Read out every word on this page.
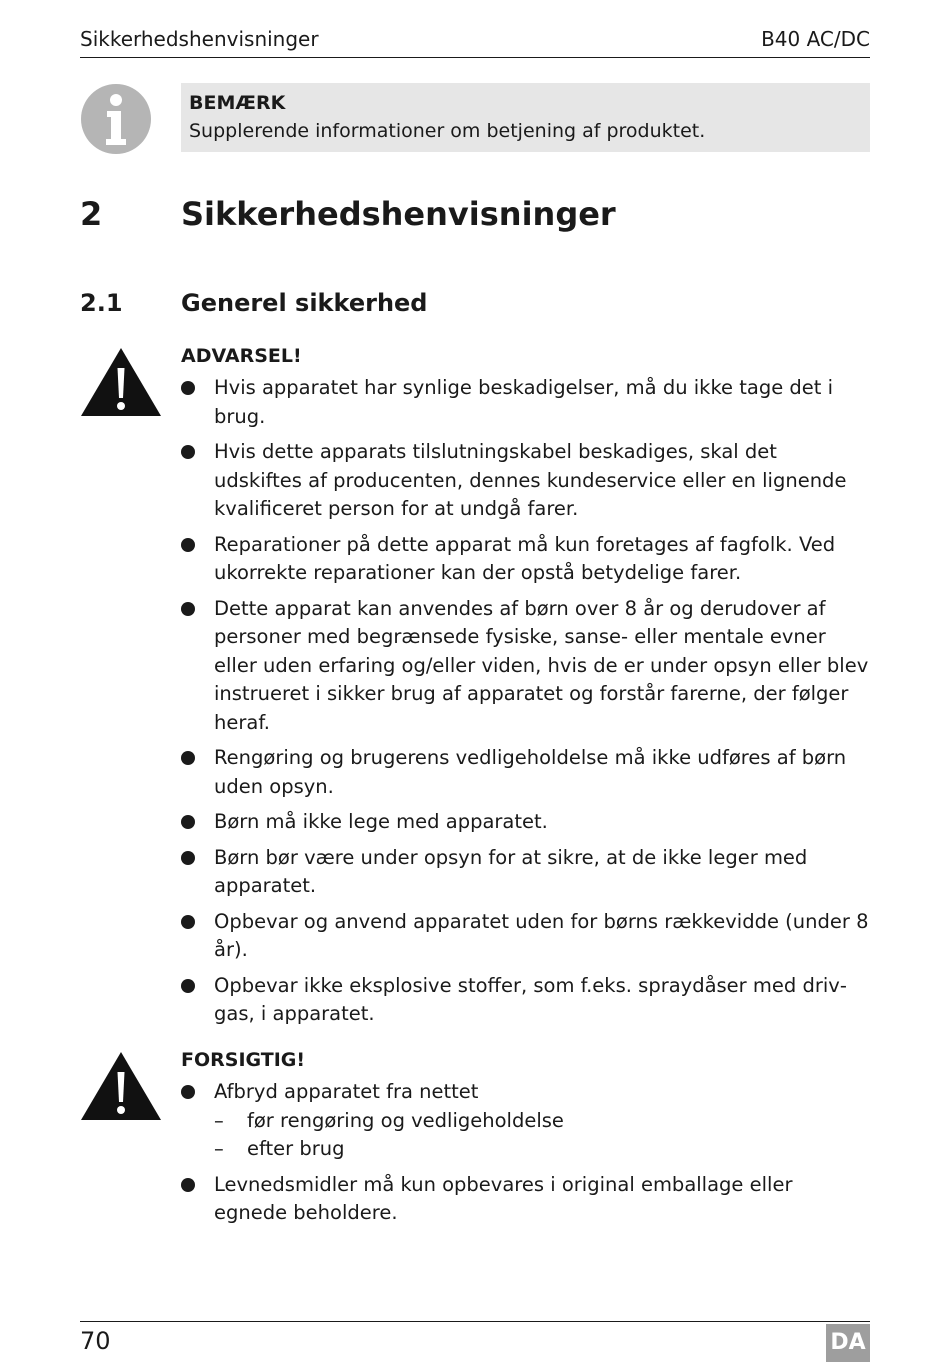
Sikkerhedshenvisninger	B40 AC/DC
BEMÆRK
Supplerende informationer om betjening af produktet.
2 Sikkerhedshenvisninger
2.1 Generel sikkerhed
ADVARSEL!
Hvis apparatet har synlige beskadigelser, må du ikke tage det i brug.
Hvis dette apparats tilslutningskabel beskadiges, skal det udskiftes af producenten, dennes kundeservice eller en lignende kvalificeret person for at undgå farer.
Reparationer på dette apparat må kun foretages af fagfolk. Ved ukorrekte reparationer kan der opstå betydelige farer.
Dette apparat kan anvendes af børn over 8 år og derudover af personer med begrænsede fysiske, sanse- eller mentale evner eller uden erfaring og/eller viden, hvis de er under opsyn eller blev instrueret i sikker brug af apparatet og forstår farerne, der følger heraf.
Rengøring og brugerens vedligeholdelse må ikke udføres af børn uden opsyn.
Børn må ikke lege med apparatet.
Børn bør være under opsyn for at sikre, at de ikke leger med apparatet.
Opbevar og anvend apparatet uden for børns rækkevidde (under 8 år).
Opbevar ikke eksplosive stoffer, som f.eks. spraydåser med drivgas, i apparatet.
FORSIGTIG!
Afbryd apparatet fra nettet
– før rengøring og vedligeholdelse
– efter brug
Levnedsmidler må kun opbevares i original emballage eller egnede beholdere.
70	DA
